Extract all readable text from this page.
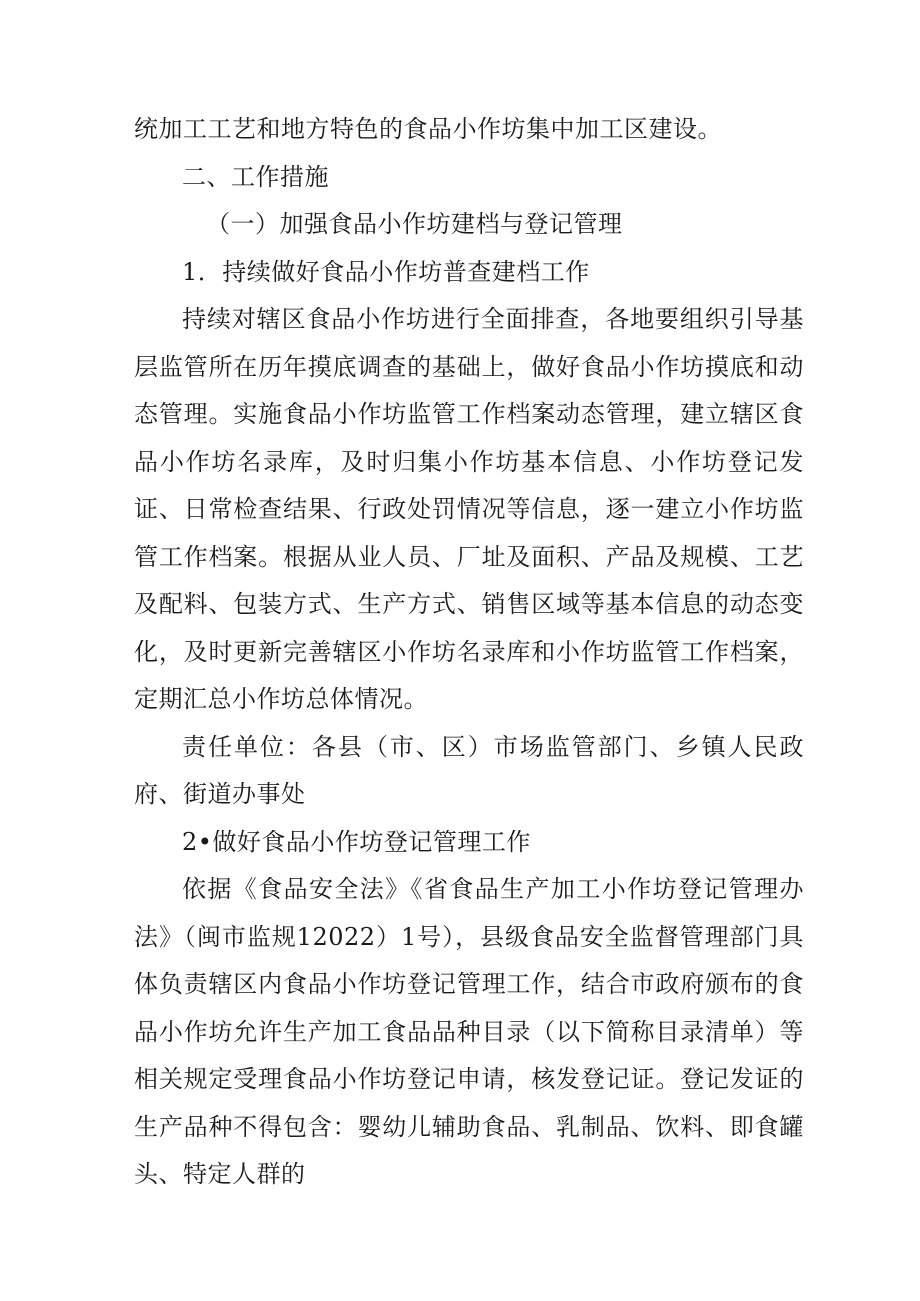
统加工工艺和地方特色的食品小作坊集中加工区建设。

二、工作措施

（一）加强食品小作坊建档与登记管理

1．持续做好食品小作坊普查建档工作

持续对辖区食品小作坊进行全面排查，各地要组织引导基层监管所在历年摸底调查的基础上，做好食品小作坊摸底和动态管理。实施食品小作坊监管工作档案动态管理，建立辖区食品小作坊名录库，及时归集小作坊基本信息、小作坊登记发证、日常检查结果、行政处罚情况等信息，逐一建立小作坊监管工作档案。根据从业人员、厂址及面积、产品及规模、工艺及配料、包装方式、生产方式、销售区域等基本信息的动态变化，及时更新完善辖区小作坊名录库和小作坊监管工作档案，定期汇总小作坊总体情况。

责任单位：各县（市、区）市场监管部门、乡镇人民政府、街道办事处

2•做好食品小作坊登记管理工作

依据《食品安全法》《省食品生产加工小作坊登记管理办法》（闽市监规12022）1号），县级食品安全监督管理部门具体负责辖区内食品小作坊登记管理工作，结合市政府颁布的食品小作坊允许生产加工食品品种目录（以下简称目录清单）等相关规定受理食品小作坊登记申请，核发登记证。登记发证的生产品种不得包含：婴幼儿辅助食品、乳制品、饮料、即食罐头、特定人群的
